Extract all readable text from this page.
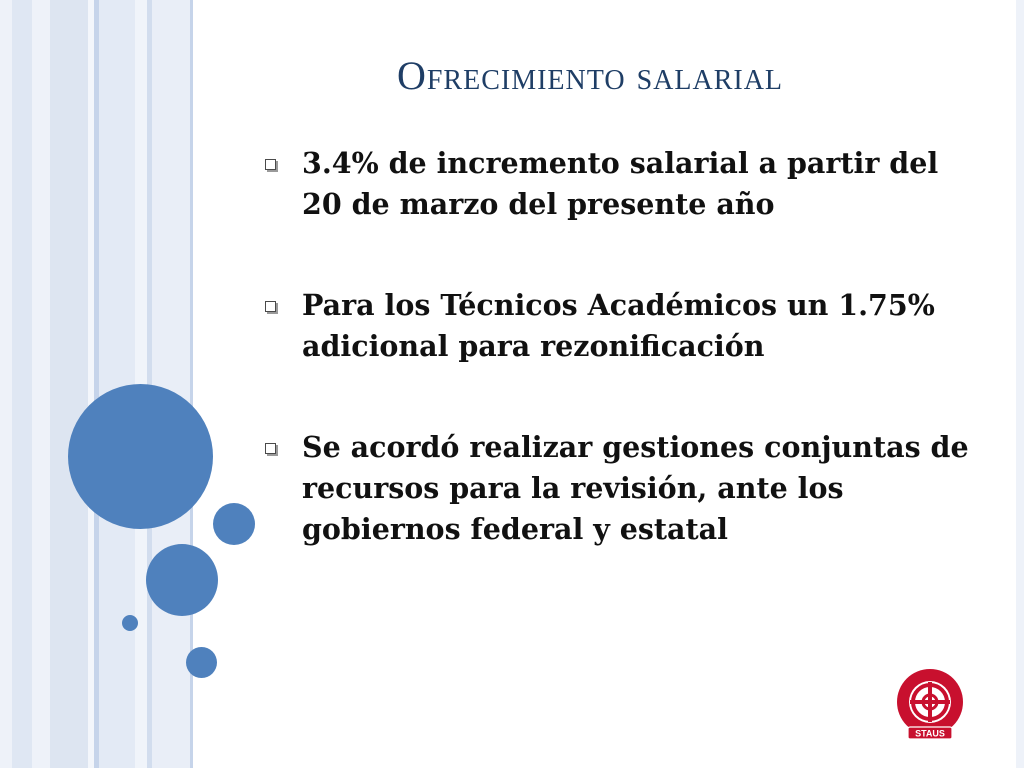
Ofrecimiento salarial
3.4% de incremento salarial a partir del 20 de marzo del presente año
Para los Técnicos Académicos un 1.75% adicional para rezonificación
Se acordó realizar gestiones conjuntas de recursos para la revisión, ante los gobiernos federal y estatal
STAUS
